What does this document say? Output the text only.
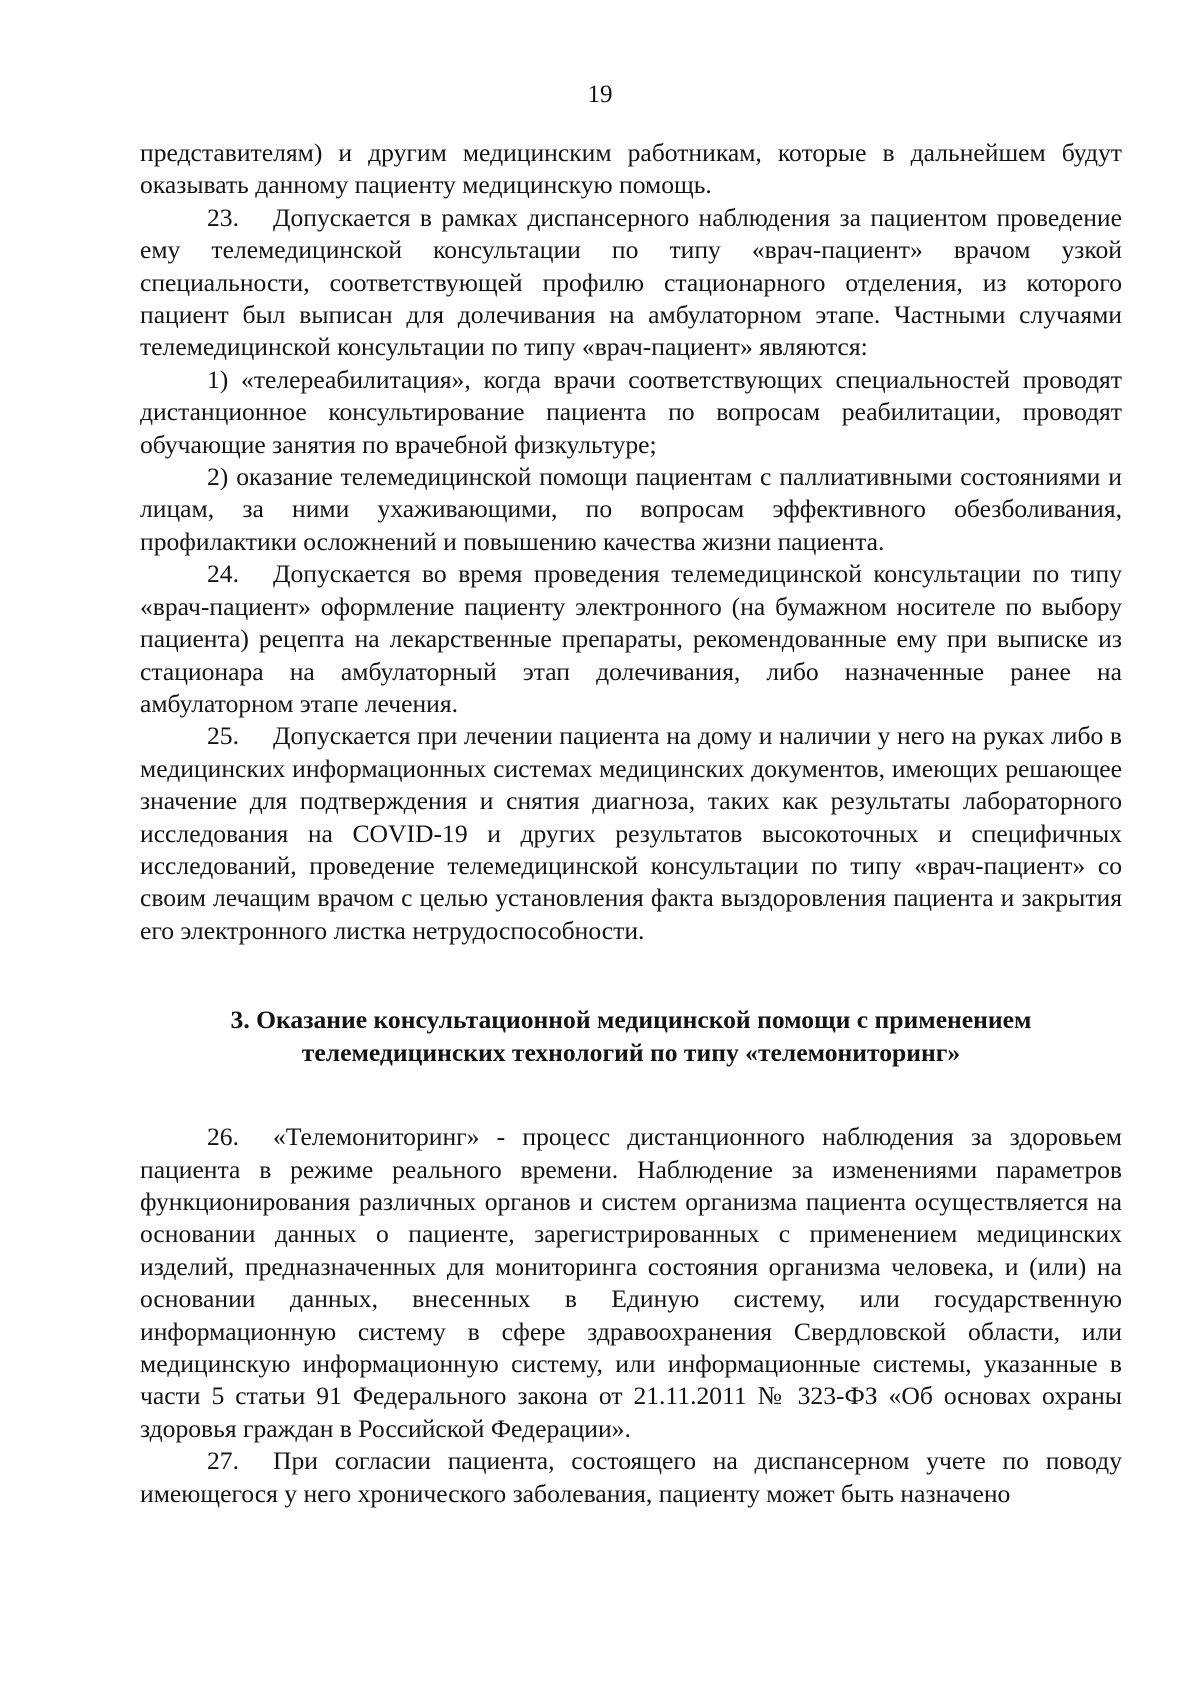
19

представителям) и другим медицинским работникам, которые в дальнейшем будут оказывать данному пациенту медицинскую помощь.

23. Допускается в рамках диспансерного наблюдения за пациентом проведение ему телемедицинской консультации по типу «врач-пациент» врачом узкой специальности, соответствующей профилю стационарного отделения, из которого пациент был выписан для долечивания на амбулаторном этапе. Частными случаями телемедицинской консультации по типу «врач-пациент» являются:

1) «телереабилитация», когда врачи соответствующих специальностей проводят дистанционное консультирование пациента по вопросам реабилитации, проводят обучающие занятия по врачебной физкультуре;

2) оказание телемедицинской помощи пациентам с паллиативными состояниями и лицам, за ними ухаживающими, по вопросам эффективного обезболивания, профилактики осложнений и повышению качества жизни пациента.

24. Допускается во время проведения телемедицинской консультации по типу «врач-пациент» оформление пациенту электронного (на бумажном носителе по выбору пациента) рецепта на лекарственные препараты, рекомендованные ему при выписке из стационара на амбулаторный этап долечивания, либо назначенные ранее на амбулаторном этапе лечения.

25. Допускается при лечении пациента на дому и наличии у него на руках либо в медицинских информационных системах медицинских документов, имеющих решающее значение для подтверждения и снятия диагноза, таких как результаты лабораторного исследования на COVID-19 и других результатов высокоточных и специфичных исследований, проведение телемедицинской консультации по типу «врач-пациент» со своим лечащим врачом с целью установления факта выздоровления пациента и закрытия его электронного листка нетрудоспособности.

3. Оказание консультационной медицинской помощи с применением
телемедицинских технологий по типу «телемониторинг»

26. «Телемониторинг» - процесс дистанционного наблюдения за здоровьем пациента в режиме реального времени. Наблюдение за изменениями параметров функционирования различных органов и систем организма пациента осуществляется на основании данных о пациенте, зарегистрированных с применением медицинских изделий, предназначенных для мониторинга состояния организма человека, и (или) на основании данных, внесенных в Единую систему, или государственную информационную систему в сфере здравоохранения Свердловской области, или медицинскую информационную систему, или информационные системы, указанные в части 5 статьи 91 Федерального закона от 21.11.2011 № 323-ФЗ «Об основах охраны здоровья граждан в Российской Федерации».

27. При согласии пациента, состоящего на диспансерном учете по поводу имеющегося у него хронического заболевания, пациенту может быть назначено
